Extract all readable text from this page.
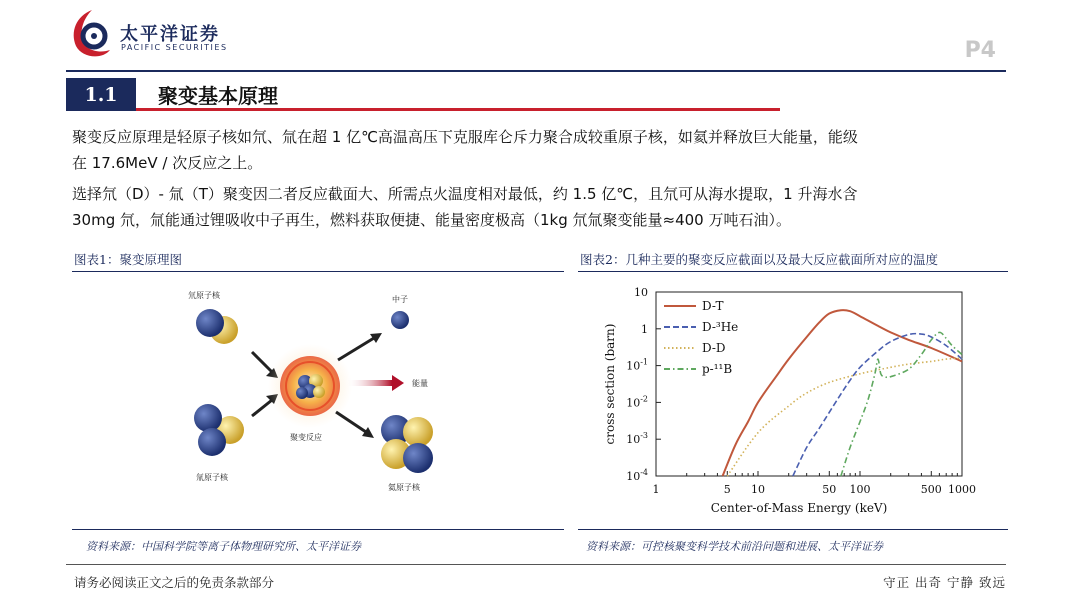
太平洋证券
PACIFIC SECURITIES	P4
1.1	聚变基本原理
聚变反应原理是轻原子核如氘、氚在超 1 亿℃高温高压下克服库仑斥力聚合成较重原子核，如氦并释放巨大能量，能级
在 17.6MeV / 次反应之上。
选择氘（D）- 氚（T）聚变因二者反应截面大、所需点火温度相对最低，约 1.5 亿℃，且氘可从海水提取，1 升海水含
30mg 氘，氚能通过锂吸收中子再生，燃料获取便捷、能量密度极高（1kg 氘氚聚变能量≈400 万吨石油）。
图表1：聚变原理图	图表2：几种主要的聚变反应截面以及最大反应截面所对应的温度
氘原子核
氚原子核
聚变反应
中子
能量
氦原子核	1	5 10	50 100	500 1000
10
1
$10^{-1}$
$10^{-2}$
$10^{-3}$
$10^{-4}$
Center-of-Mass Energy (keV)
cross section (barn)
D-T
D-³He
D-D
p-¹¹B
资料来源：中国科学院等离子体物理研究所、太平洋证券	资料来源：可控核聚变科学技术前沿问题和进展、太平洋证券
请务必阅读正文之后的免责条款部分	守正 出奇 宁静 致远
